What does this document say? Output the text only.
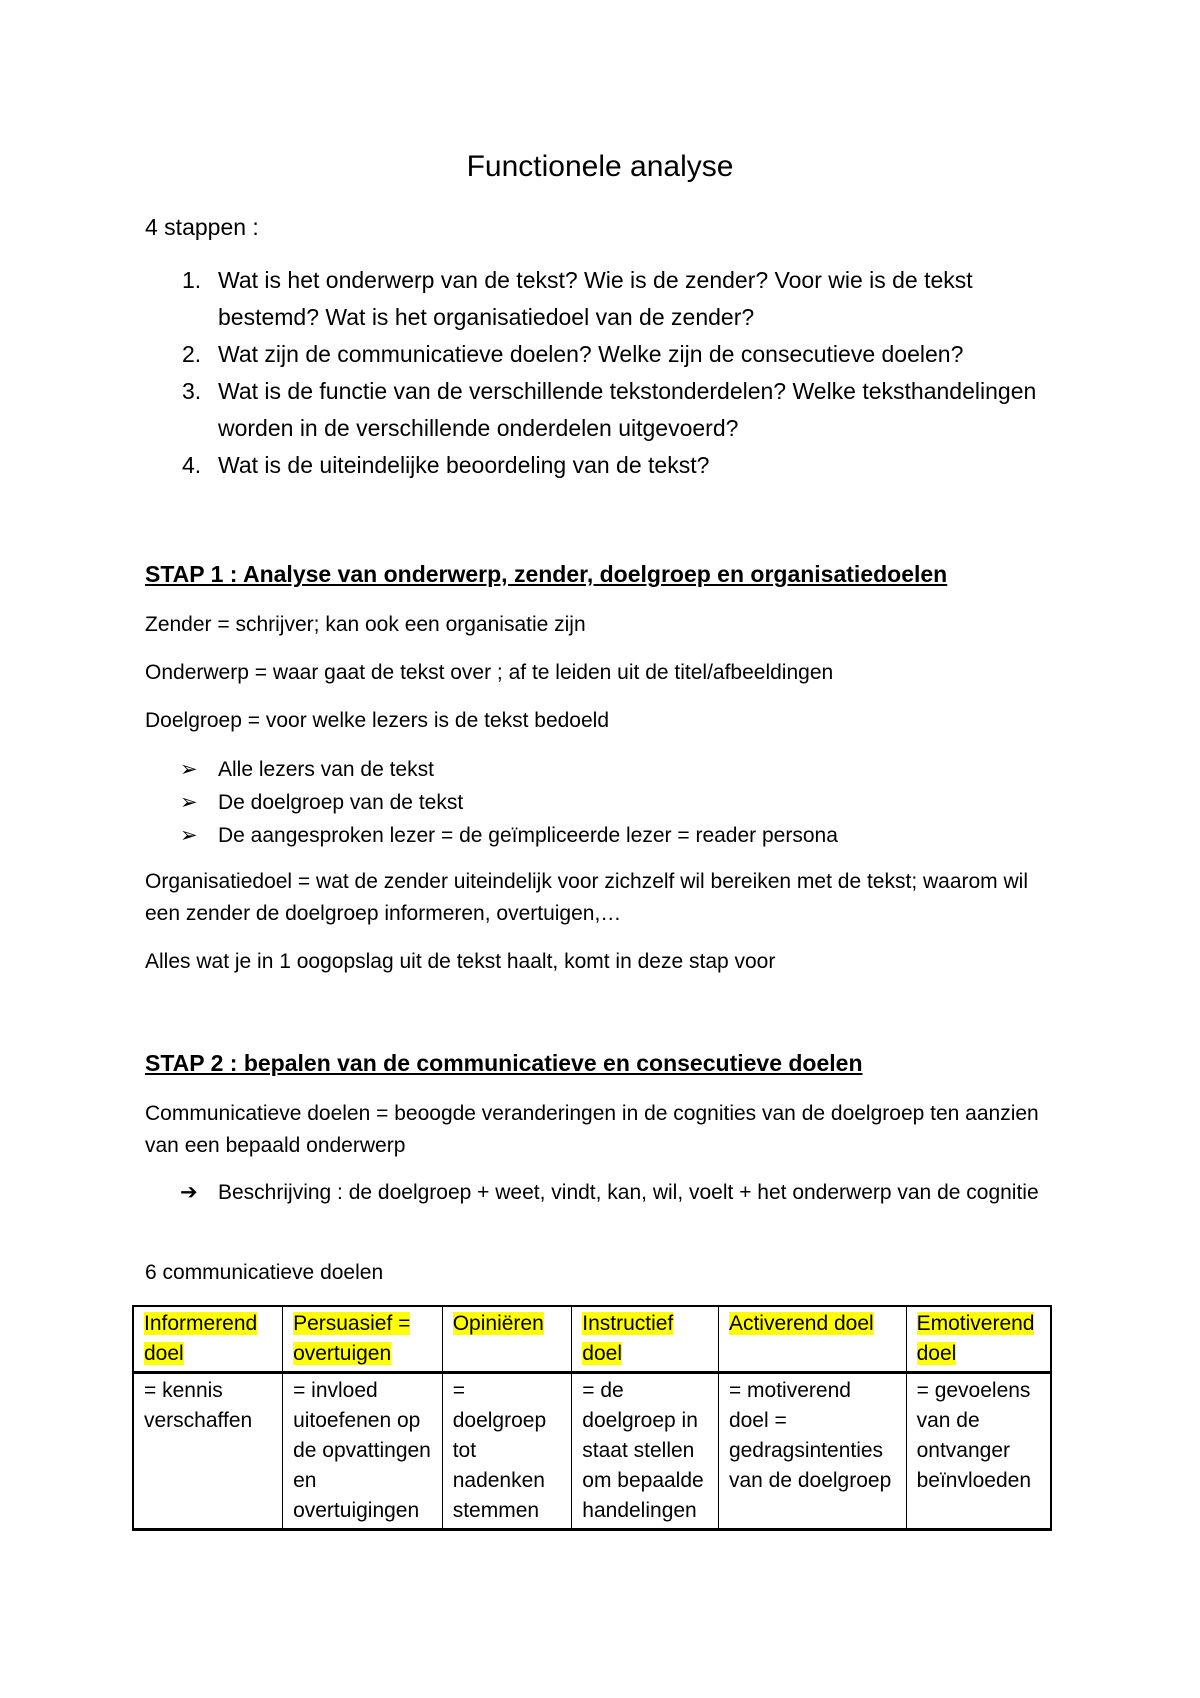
Functionele analyse
4 stappen :
1. Wat is het onderwerp van de tekst? Wie is de zender? Voor wie is de tekst bestemd? Wat is het organisatiedoel van de zender?
2. Wat zijn de communicatieve doelen? Welke zijn de consecutieve doelen?
3. Wat is de functie van de verschillende tekstonderdelen? Welke teksthandelingen worden in de verschillende onderdelen uitgevoerd?
4. Wat is de uiteindelijke beoordeling van de tekst?
STAP 1 : Analyse van onderwerp, zender, doelgroep en organisatiedoelen
Zender = schrijver; kan ook een organisatie zijn
Onderwerp = waar gaat de tekst over ; af te leiden uit de titel/afbeeldingen
Doelgroep = voor welke lezers is de tekst bedoeld
➢ Alle lezers van de tekst
➢ De doelgroep van de tekst
➢ De aangesproken lezer = de geïmpliceerde lezer = reader persona
Organisatiedoel = wat de zender uiteindelijk voor zichzelf wil bereiken met de tekst; waarom wil een zender de doelgroep informeren, overtuigen,…
Alles wat je in 1 oogopslag uit de tekst haalt, komt in deze stap voor
STAP 2 : bepalen van de communicatieve en consecutieve doelen
Communicatieve doelen = beoogde veranderingen in de cognities van de doelgroep ten aanzien van een bepaald onderwerp
➔ Beschrijving : de doelgroep + weet, vindt, kan, wil, voelt + het onderwerp van de cognitie
6 communicatieve doelen
Informerend doel	Persuasief = overtuigen	Opiniëren	Instructief doel	Activerend doel	Emotiverend doel
= kennis verschaffen	= invloed uitoefenen op de opvattingen en overtuigingen	= doelgroep tot nadenken stemmen	= de doelgroep in staat stellen om bepaalde handelingen	= motiverend doel = gedragsintenties van de doelgroep	= gevoelens van de ontvanger beïnvloeden
